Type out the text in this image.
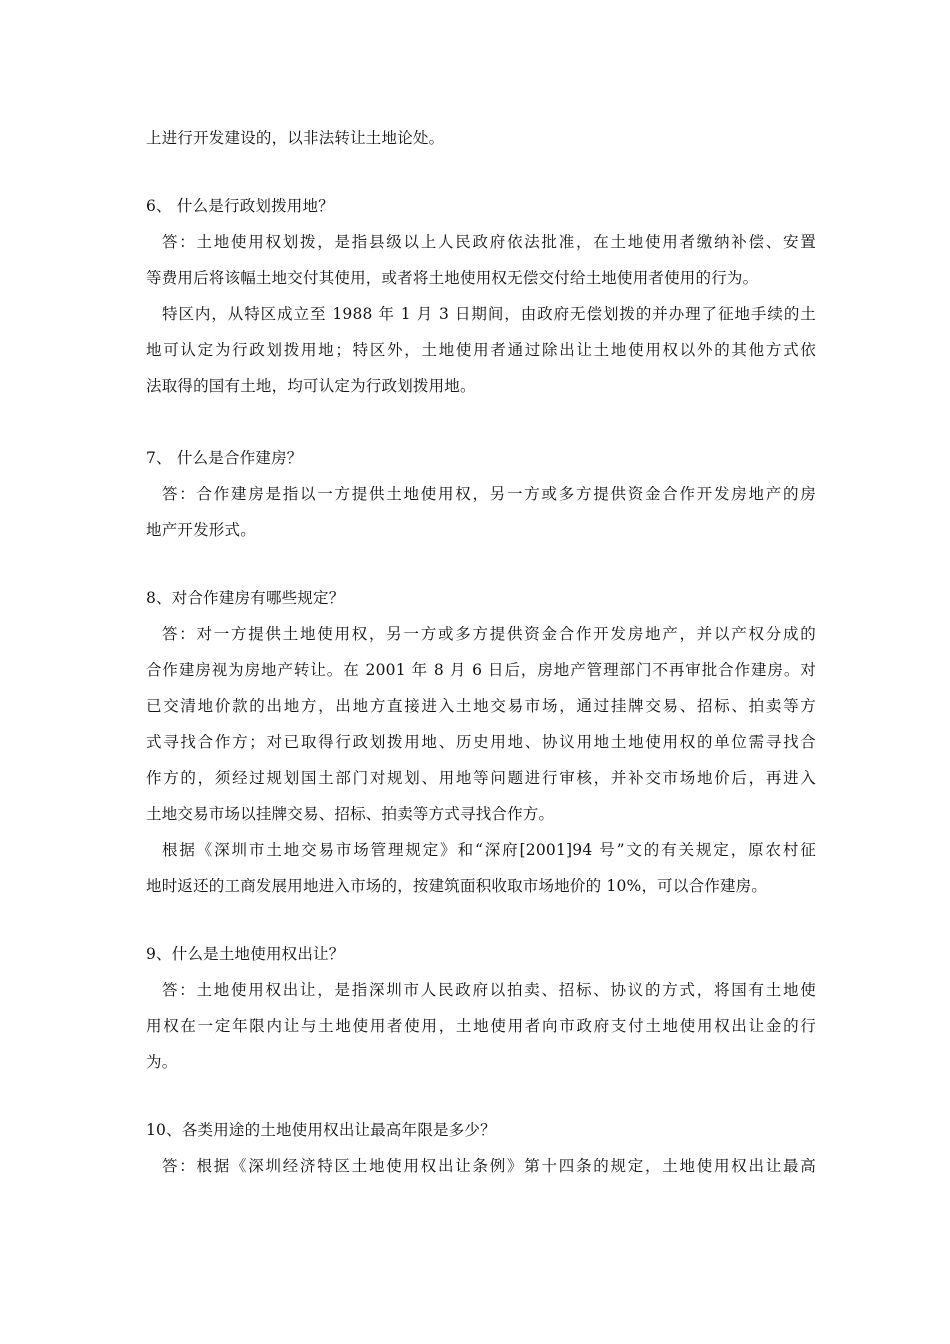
上进行开发建设的，以非法转让土地论处。
6、 什么是行政划拨用地？
答：土地使用权划拨，是指县级以上人民政府依法批准，在土地使用者缴纳补偿、安置
等费用后将该幅土地交付其使用，或者将土地使用权无偿交付给土地使用者使用的行为。
特区内，从特区成立至 1988 年 1 月 3 日期间，由政府无偿划拨的并办理了征地手续的土
地可认定为行政划拨用地；特区外，土地使用者通过除出让土地使用权以外的其他方式依
法取得的国有土地，均可认定为行政划拨用地。
7、 什么是合作建房？
答：合作建房是指以一方提供土地使用权，另一方或多方提供资金合作开发房地产的房
地产开发形式。
8、对合作建房有哪些规定？
答：对一方提供土地使用权，另一方或多方提供资金合作开发房地产，并以产权分成的
合作建房视为房地产转让。在 2001 年 8 月 6 日后，房地产管理部门不再审批合作建房。对
已交清地价款的出地方，出地方直接进入土地交易市场，通过挂牌交易、招标、拍卖等方
式寻找合作方；对已取得行政划拨用地、历史用地、协议用地土地使用权的单位需寻找合
作方的，须经过规划国土部门对规划、用地等问题进行审核，并补交市场地价后，再进入
土地交易市场以挂牌交易、招标、拍卖等方式寻找合作方。
根据《深圳市土地交易市场管理规定》和“深府[2001]94 号”文的有关规定，原农村征
地时返还的工商发展用地进入市场的，按建筑面积收取市场地价的 10%，可以合作建房。
9、什么是土地使用权出让？
答：土地使用权出让，是指深圳市人民政府以拍卖、招标、协议的方式，将国有土地使
用权在一定年限内让与土地使用者使用，土地使用者向市政府支付土地使用权出让金的行
为。
10、各类用途的土地使用权出让最高年限是多少？
答：根据《深圳经济特区土地使用权出让条例》第十四条的规定，土地使用权出让最高
